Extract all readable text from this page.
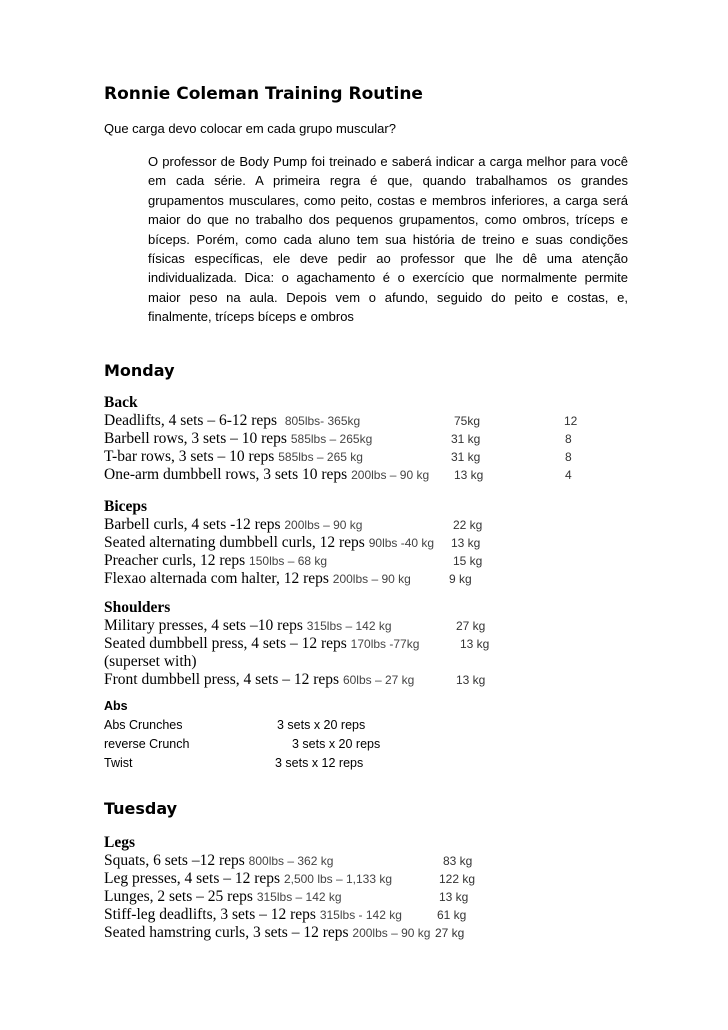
Ronnie Coleman Training Routine
Que carga devo colocar em cada grupo muscular?
O professor de Body Pump foi treinado e saberá indicar a carga melhor para você em cada série. A primeira regra é que, quando trabalhamos os grandes grupamentos musculares, como peito, costas e membros inferiores, a carga será maior do que no trabalho dos pequenos grupamentos, como ombros, tríceps e bíceps. Porém, como cada aluno tem sua história de treino e suas condições físicas específicas, ele deve pedir ao professor que lhe dê uma atenção individualizada. Dica: o agachamento é o exercício que normalmente permite maior peso na aula. Depois vem o afundo, seguido do peito e costas, e, finalmente, tríceps bíceps e ombros
Monday
Back
Deadlifts, 4 sets – 6-12 reps 805lbs- 365kg	75kg	12
Barbell rows, 3 sets – 10 reps 585lbs – 265kg	31 kg	8
T-bar rows, 3 sets – 10 reps 585lbs – 265 kg	31 kg	8
One-arm dumbbell rows, 3 sets 10 reps 200lbs – 90 kg 13 kg	4
Biceps
Barbell curls, 4 sets -12 reps 200lbs – 90 kg	22 kg
Seated alternating dumbbell curls, 12 reps 90lbs -40 kg 13 kg
Preacher curls, 12 reps 150lbs – 68 kg	15 kg
Flexao alternada com halter, 12 reps 200lbs – 90 kg	9 kg
Shoulders
Military presses, 4 sets –10 reps 315lbs – 142 kg	27 kg
Seated dumbbell press, 4 sets – 12 reps 170lbs -77kg	13 kg
(superset with)
Front dumbbell press, 4 sets – 12 reps 60lbs – 27 kg	13 kg
Abs
Abs Crunches	3 sets x 20 reps
reverse Crunch	3 sets x 20 reps
Twist	3 sets x 12 reps
Tuesday
Legs
Squats, 6 sets –12 reps 800lbs – 362 kg	83 kg
Leg presses, 4 sets – 12 reps 2,500 lbs – 1,133 kg	122 kg
Lunges, 2 sets – 25 reps 315lbs – 142 kg	13 kg
Stiff-leg deadlifts, 3 sets – 12 reps 315lbs - 142 kg	61 kg
Seated hamstring curls, 3 sets – 12 reps 200lbs – 90 kg 27 kg
